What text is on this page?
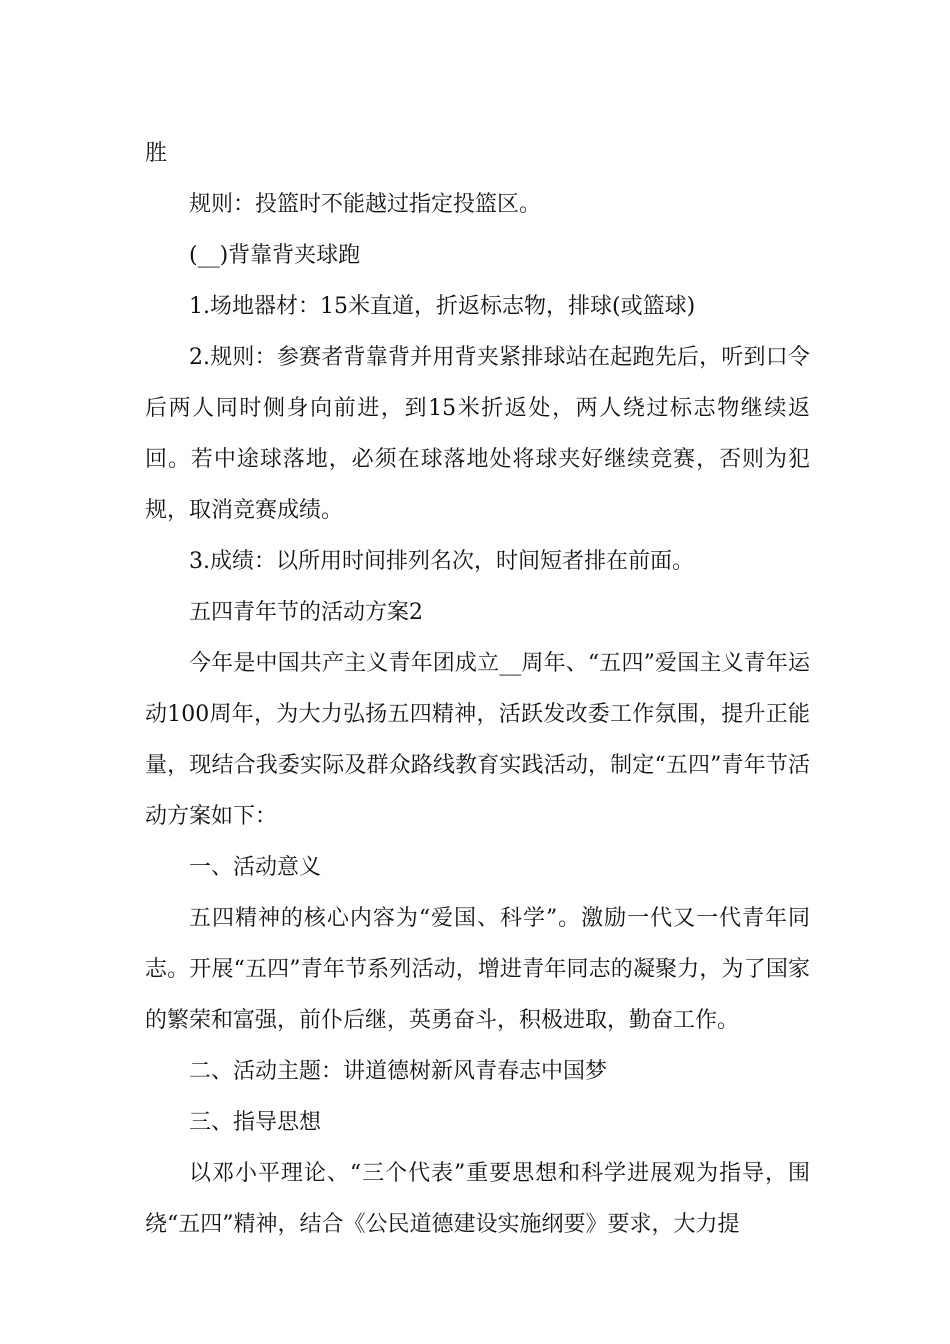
胜

规则：投篮时不能越过指定投篮区。

(__)背靠背夹球跑

1.场地器材：15米直道，折返标志物，排球(或篮球)

2.规则：参赛者背靠背并用背夹紧排球站在起跑先后，听到口令后两人同时侧身向前进，到15米折返处，两人绕过标志物继续返回。若中途球落地，必须在球落地处将球夹好继续竞赛，否则为犯规，取消竞赛成绩。

3.成绩：以所用时间排列名次，时间短者排在前面。

五四青年节的活动方案2

今年是中国共产主义青年团成立__周年、“五四”爱国主义青年运动100周年，为大力弘扬五四精神，活跃发改委工作氛围，提升正能量，现结合我委实际及群众路线教育实践活动，制定“五四”青年节活动方案如下：

一、活动意义

五四精神的核心内容为“爱国、科学”。激励一代又一代青年同志。开展“五四”青年节系列活动，增进青年同志的凝聚力，为了国家的繁荣和富强，前仆后继，英勇奋斗，积极进取，勤奋工作。

二、活动主题：讲道德树新风青春志中国梦

三、指导思想

以邓小平理论、“三个代表”重要思想和科学进展观为指导，围绕“五四”精神，结合《公民道德建设实施纲要》要求，大力提
